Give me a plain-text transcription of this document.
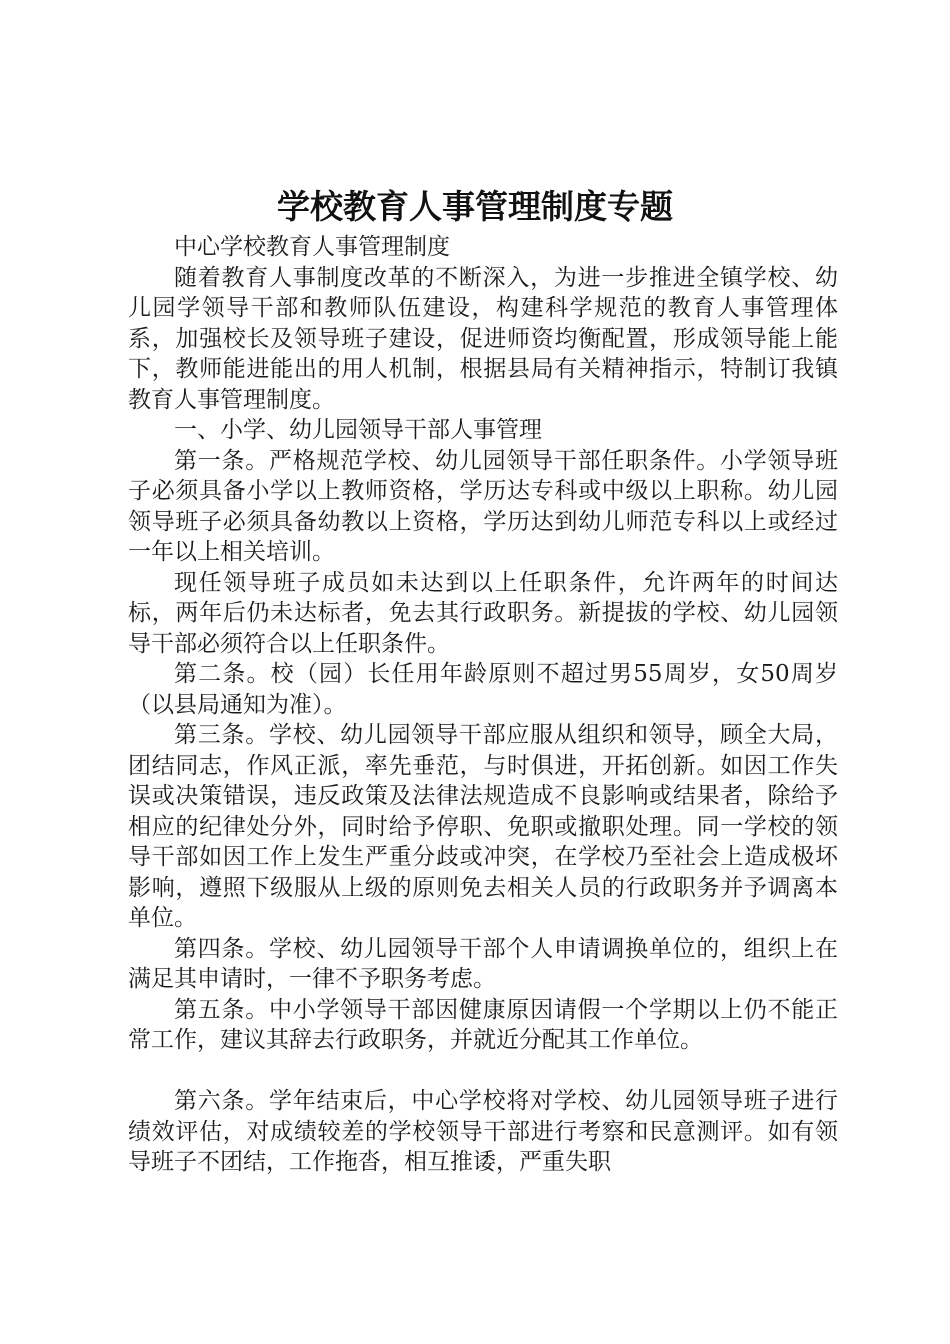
学校教育人事管理制度专题

中心学校教育人事管理制度

随着教育人事制度改革的不断深入，为进一步推进全镇学校、幼儿园学领导干部和教师队伍建设，构建科学规范的教育人事管理体系，加强校长及领导班子建设，促进师资均衡配置，形成领导能上能下，教师能进能出的用人机制，根据县局有关精神指示，特制订我镇教育人事管理制度。

一、小学、幼儿园领导干部人事管理

第一条。严格规范学校、幼儿园领导干部任职条件。小学领导班子必须具备小学以上教师资格，学历达专科或中级以上职称。幼儿园领导班子必须具备幼教以上资格，学历达到幼儿师范专科以上或经过一年以上相关培训。

现任领导班子成员如未达到以上任职条件，允许两年的时间达标，两年后仍未达标者，免去其行政职务。新提拔的学校、幼儿园领导干部必须符合以上任职条件。

第二条。校（园）长任用年龄原则不超过男55周岁，女50周岁（以县局通知为准）。

第三条。学校、幼儿园领导干部应服从组织和领导，顾全大局，团结同志，作风正派，率先垂范，与时俱进，开拓创新。如因工作失误或决策错误，违反政策及法律法规造成不良影响或结果者，除给予相应的纪律处分外，同时给予停职、免职或撤职处理。同一学校的领导干部如因工作上发生严重分歧或冲突，在学校乃至社会上造成极坏影响，遵照下级服从上级的原则免去相关人员的行政职务并予调离本单位。

第四条。学校、幼儿园领导干部个人申请调换单位的，组织上在满足其申请时，一律不予职务考虑。

第五条。中小学领导干部因健康原因请假一个学期以上仍不能正常工作，建议其辞去行政职务，并就近分配其工作单位。

第六条。学年结束后，中心学校将对学校、幼儿园领导班子进行绩效评估，对成绩较差的学校领导干部进行考察和民意测评。如有领导班子不团结，工作拖沓，相互推诿，严重失职
